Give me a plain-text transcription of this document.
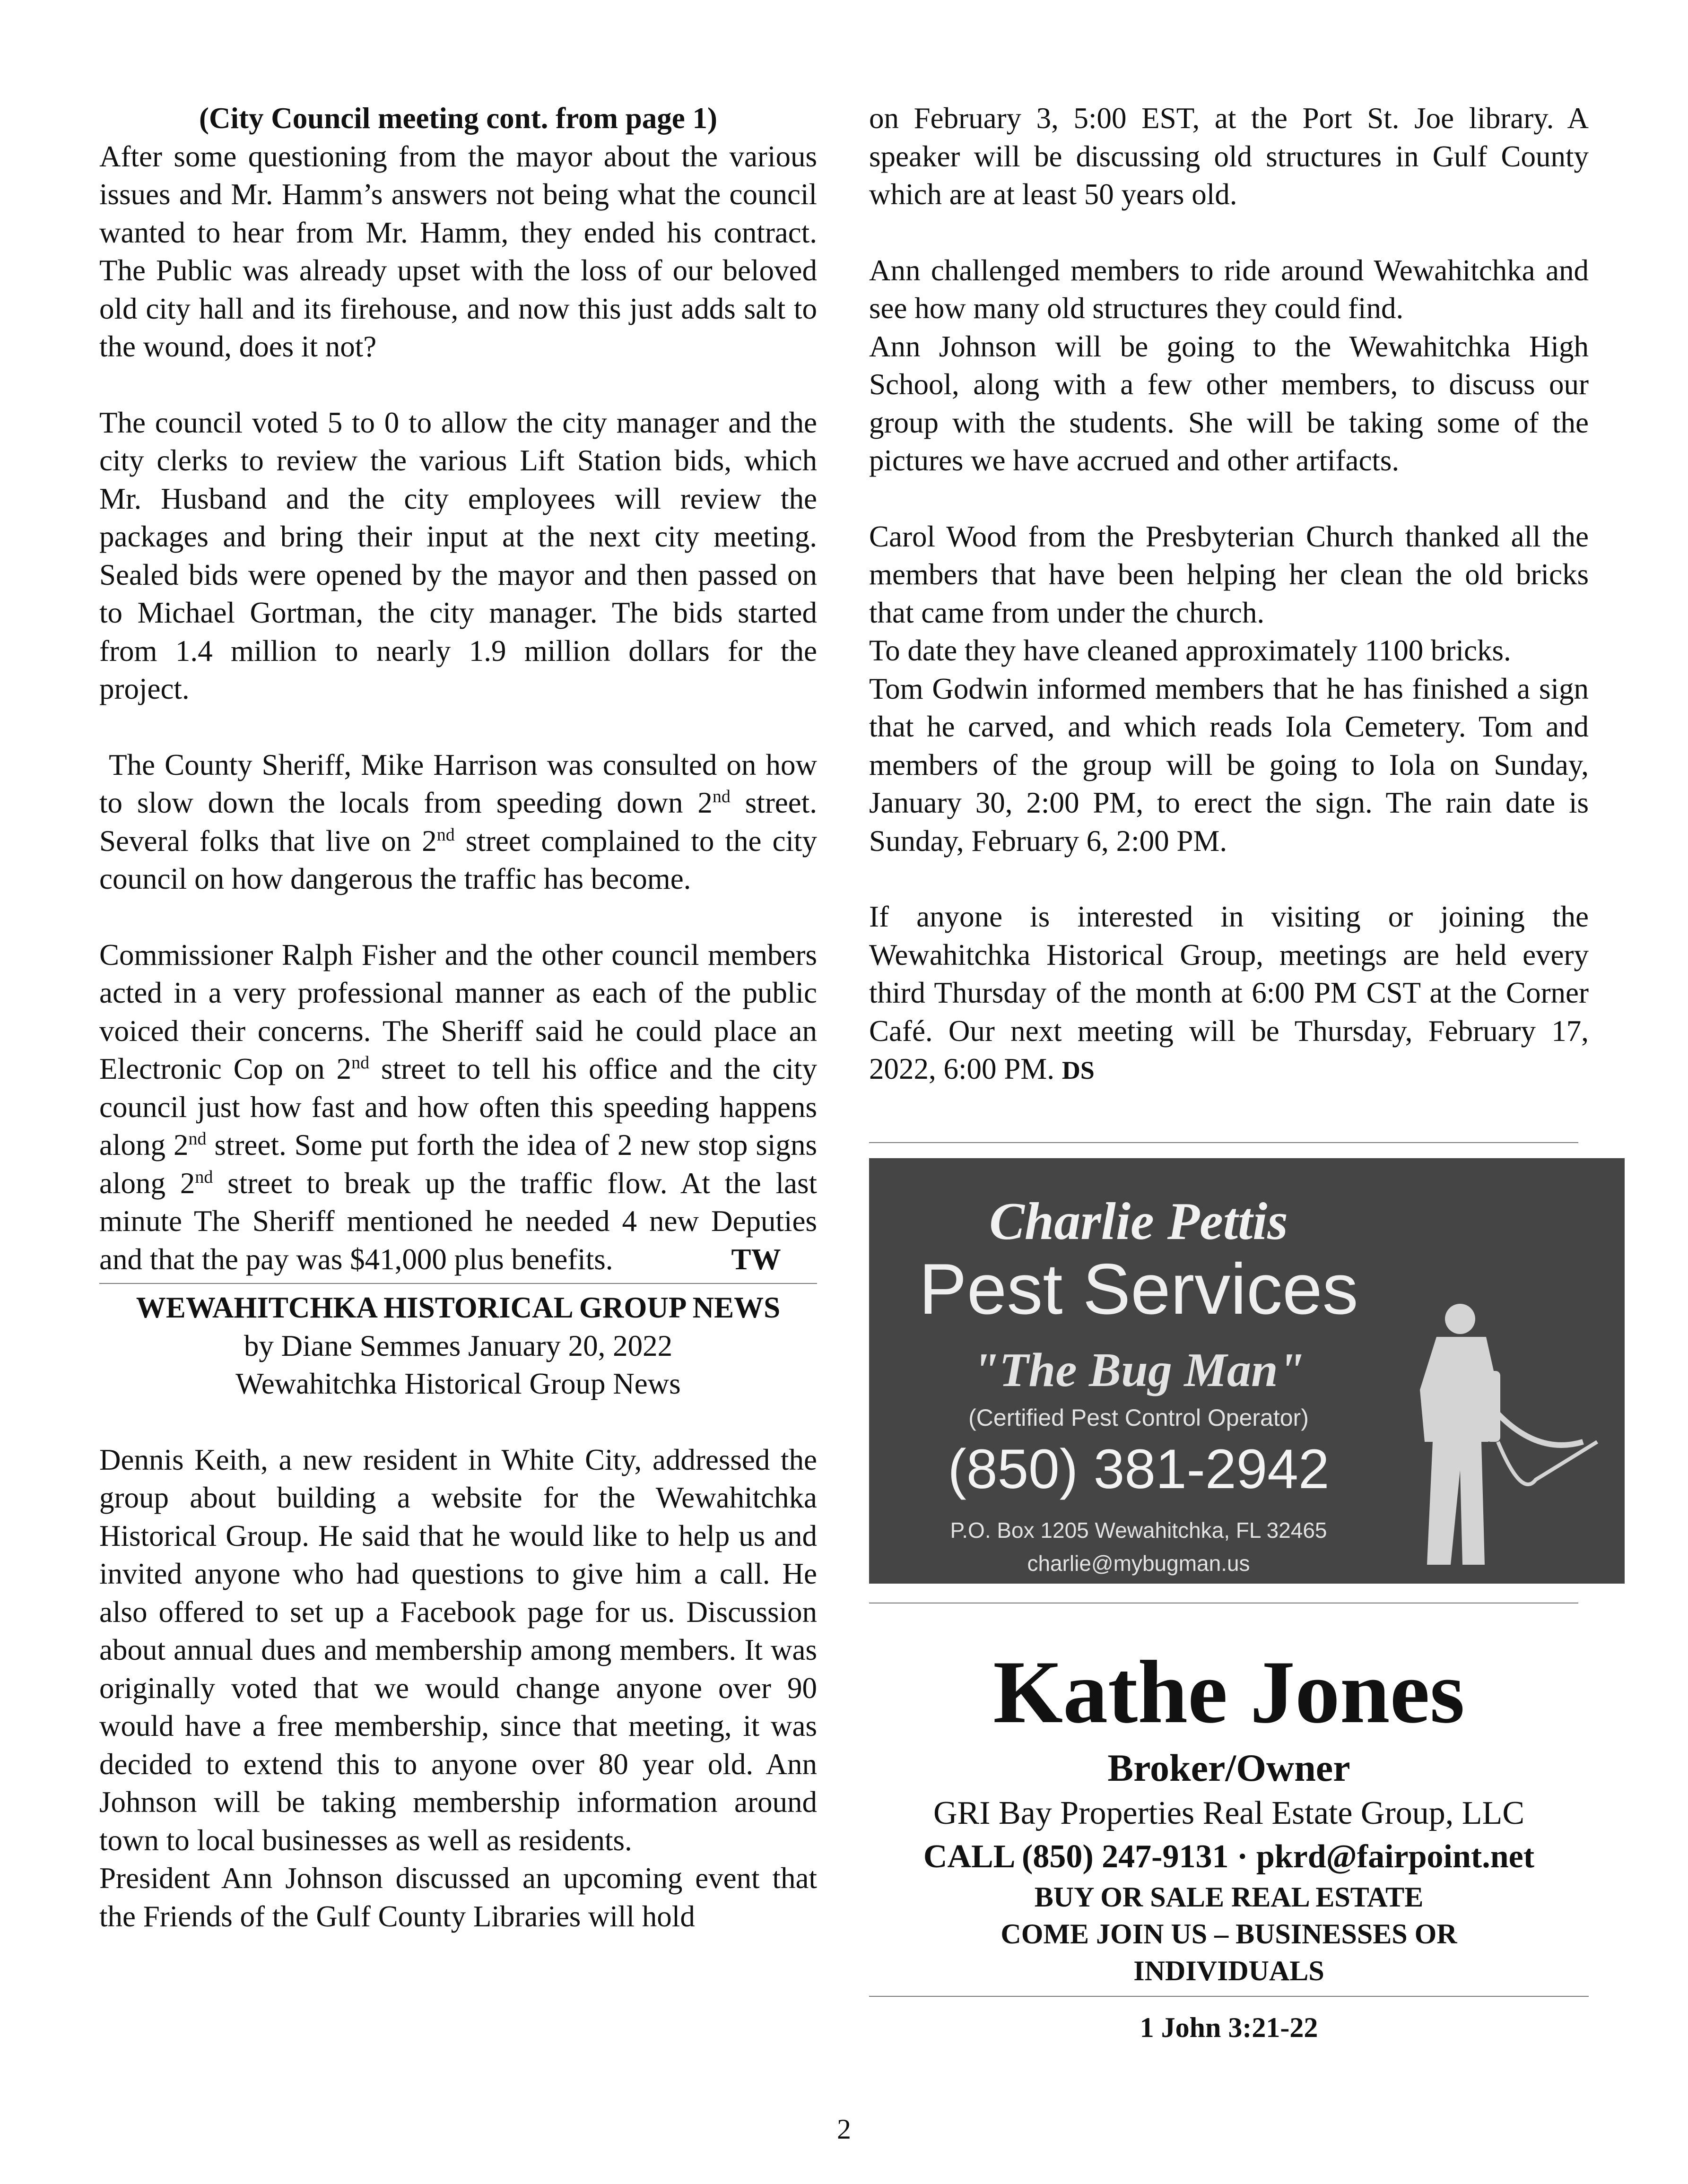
(City Council meeting cont. from page 1)

After some questioning from the mayor about the various issues and Mr. Hamm’s answers not being what the council wanted to hear from Mr. Hamm, they ended his contract. The Public was already upset with the loss of our beloved old city hall and its firehouse, and now this just adds salt to the wound, does it not?

The council voted 5 to 0 to allow the city manager and the city clerks to review the various Lift Station bids, which Mr. Husband and the city employees will review the packages and bring their input at the next city meeting. Sealed bids were opened by the mayor and then passed on to Michael Gortman, the city manager. The bids started from 1.4 million to nearly 1.9 million dollars for the project.

The County Sheriff, Mike Harrison was consulted on how to slow down the locals from speeding down 2nd street. Several folks that live on 2nd street complained to the city council on how dangerous the traffic has become.

Commissioner Ralph Fisher and the other council members acted in a very professional manner as each of the public voiced their concerns. The Sheriff said he could place an Electronic Cop on 2nd street to tell his office and the city council just how fast and how often this speeding happens along 2nd street. Some put forth the idea of 2 new stop signs along 2nd street to break up the traffic flow. At the last minute The Sheriff mentioned he needed 4 new Deputies and that the pay was $41,000 plus benefits.	TW

WEWAHITCHKA HISTORICAL GROUP NEWS

by Diane Semmes January 20, 2022

Wewahitchka Historical Group News

Dennis Keith, a new resident in White City, addressed the group about building a website for the Wewahitchka Historical Group. He said that he would like to help us and invited anyone who had questions to give him a call. He also offered to set up a Facebook page for us. Discussion about annual dues and membership among members. It was originally voted that we would change anyone over 90 would have a free membership, since that meeting, it was decided to extend this to anyone over 80 year old. Ann Johnson will be taking membership information around town to local businesses as well as residents.

President Ann Johnson discussed an upcoming event that the Friends of the Gulf County Libraries will hold

on February 3, 5:00 EST, at the Port St. Joe library. A speaker will be discussing old structures in Gulf County which are at least 50 years old.

Ann challenged members to ride around Wewahitchka and see how many old structures they could find.

Ann Johnson will be going to the Wewahitchka High School, along with a few other members, to discuss our group with the students. She will be taking some of the pictures we have accrued and other artifacts.

Carol Wood from the Presbyterian Church thanked all the members that have been helping her clean the old bricks that came from under the church.

To date they have cleaned approximately 1100 bricks.

Tom Godwin informed members that he has finished a sign that he carved, and which reads Iola Cemetery. Tom and members of the group will be going to Iola on Sunday, January 30, 2:00 PM, to erect the sign. The rain date is Sunday, February 6, 2:00 PM.

If anyone is interested in visiting or joining the Wewahitchka Historical Group, meetings are held every third Thursday of the month at 6:00 PM CST at the Corner Café. Our next meeting will be Thursday, February 17, 2022, 6:00 PM. DS

Charlie Pettis
Pest Services
"The Bug Man"
(Certified Pest Control Operator)
(850) 381-2942
P.O. Box 1205 Wewahitchka, FL 32465
charlie@mybugman.us
Kathe Jones
Broker/Owner
GRI Bay Properties Real Estate Group, LLC
CALL (850) 247-9131 · pkrd@fairpoint.net
BUY OR SALE REAL ESTATE
COME JOIN US – BUSINESSES OR INDIVIDUALS
1 John 3:21-22
2
